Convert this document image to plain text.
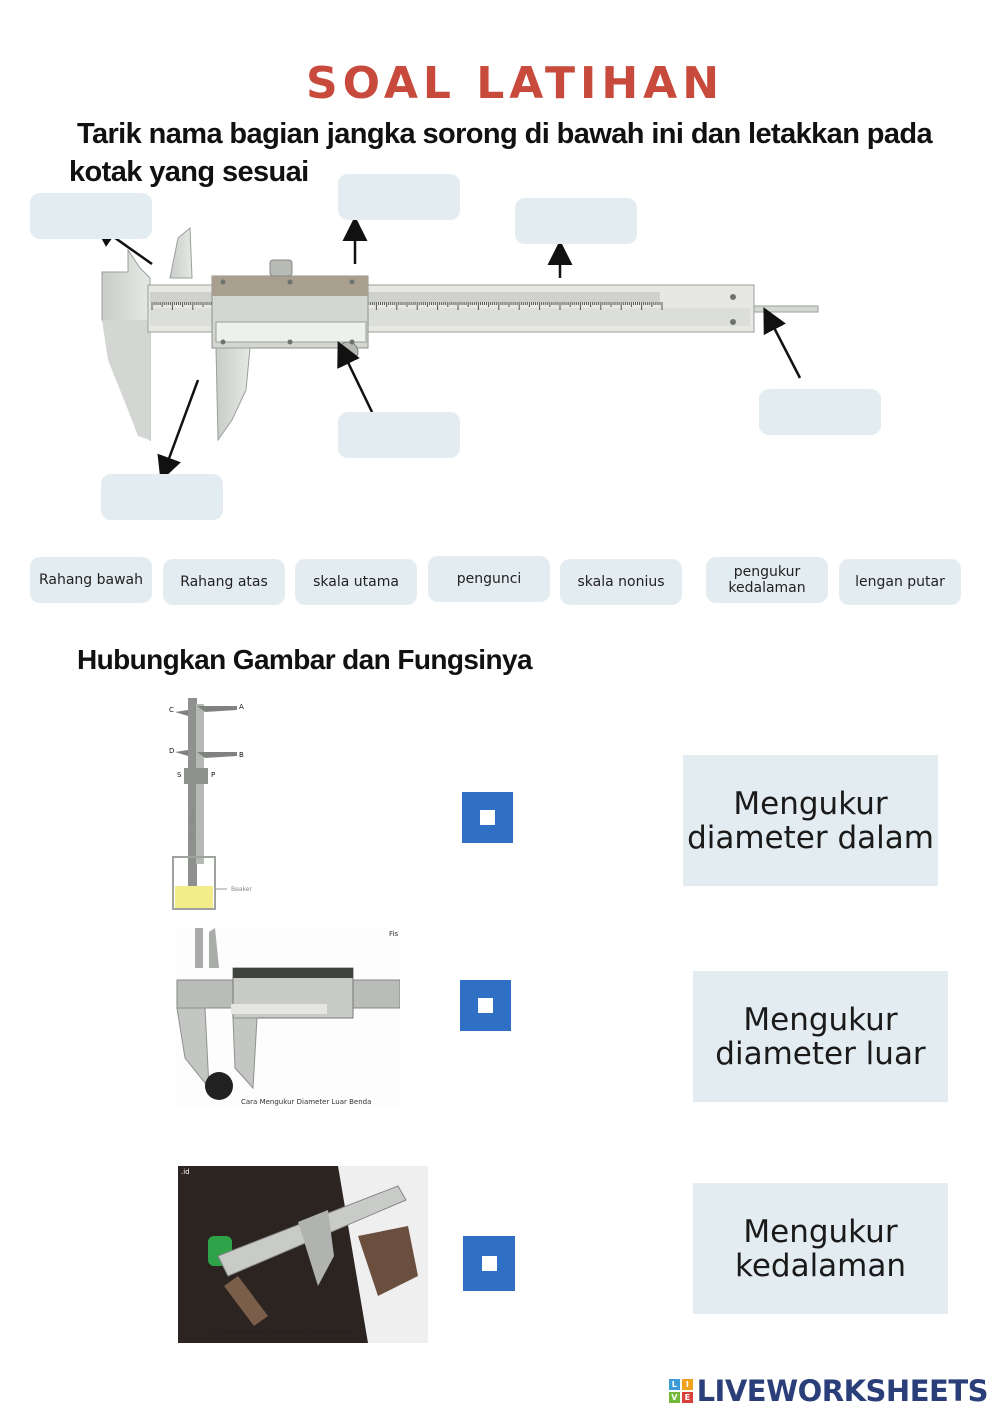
SOAL LATIHAN
Tarik nama bagian jangka sorong di bawah ini dan letakkan pada
kotak yang sesuai
Rahang bawah	Rahang atas	skala utama	pengunci	skala nonius
pengukur
kedalaman	lengan putar
Hubungkan Gambar dan Fungsinya
C	A
D	B
S	P
Main scale
Beaker
Cara Mengukur Diameter Luar Benda
Fis
Cara Mengukur Diameter Dalam Benda
.id
Mengukur
diameter dalam
Mengukur
diameter luar
Mengukur
kedalaman
L	I
V E LIVEWORKSHEETS
